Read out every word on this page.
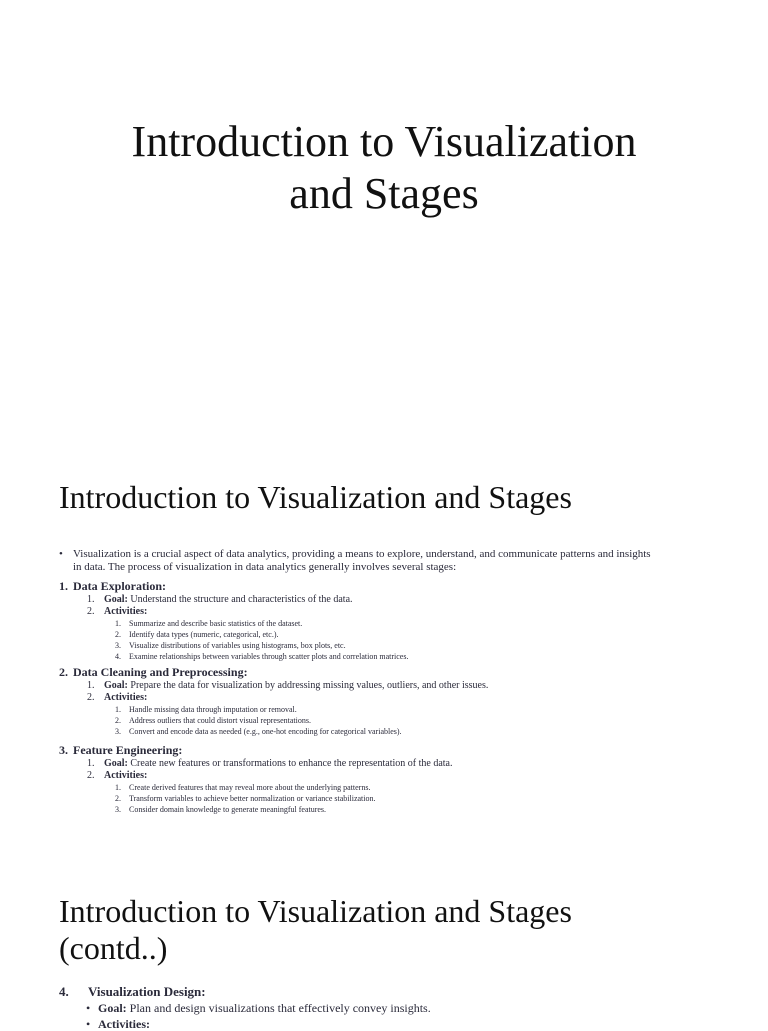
Introduction to Visualization
and Stages
Introduction to Visualization and Stages

• Visualization is a crucial aspect of data analytics, providing a means to explore, understand, and communicate patterns and insights
in data. The process of visualization in data analytics generally involves several stages:

1. Data Exploration:

1. Goal: Understand the structure and characteristics of the data.
2. Activities:
1. Summarize and describe basic statistics of the dataset.
2. Identify data types (numeric, categorical, etc.).
3. Visualize distributions of variables using histograms, box plots, etc.
4. Examine relationships between variables through scatter plots and correlation matrices.

2. Data Cleaning and Preprocessing:

1. Goal: Prepare the data for visualization by addressing missing values, outliers, and other issues.
2. Activities:
1. Handle missing data through imputation or removal.
2. Address outliers that could distort visual representations.
3. Convert and encode data as needed (e.g., one-hot encoding for categorical variables).

3. Feature Engineering:

1. Goal: Create new features or transformations to enhance the representation of the data.
2. Activities:
1. Create derived features that may reveal more about the underlying patterns.
2. Transform variables to achieve better normalization or variance stabilization.
3. Consider domain knowledge to generate meaningful features.
Introduction to Visualization and Stages
(contd..)
4. Visualization Design:
• Goal: Plan and design visualizations that effectively convey insights.
• Activities:
